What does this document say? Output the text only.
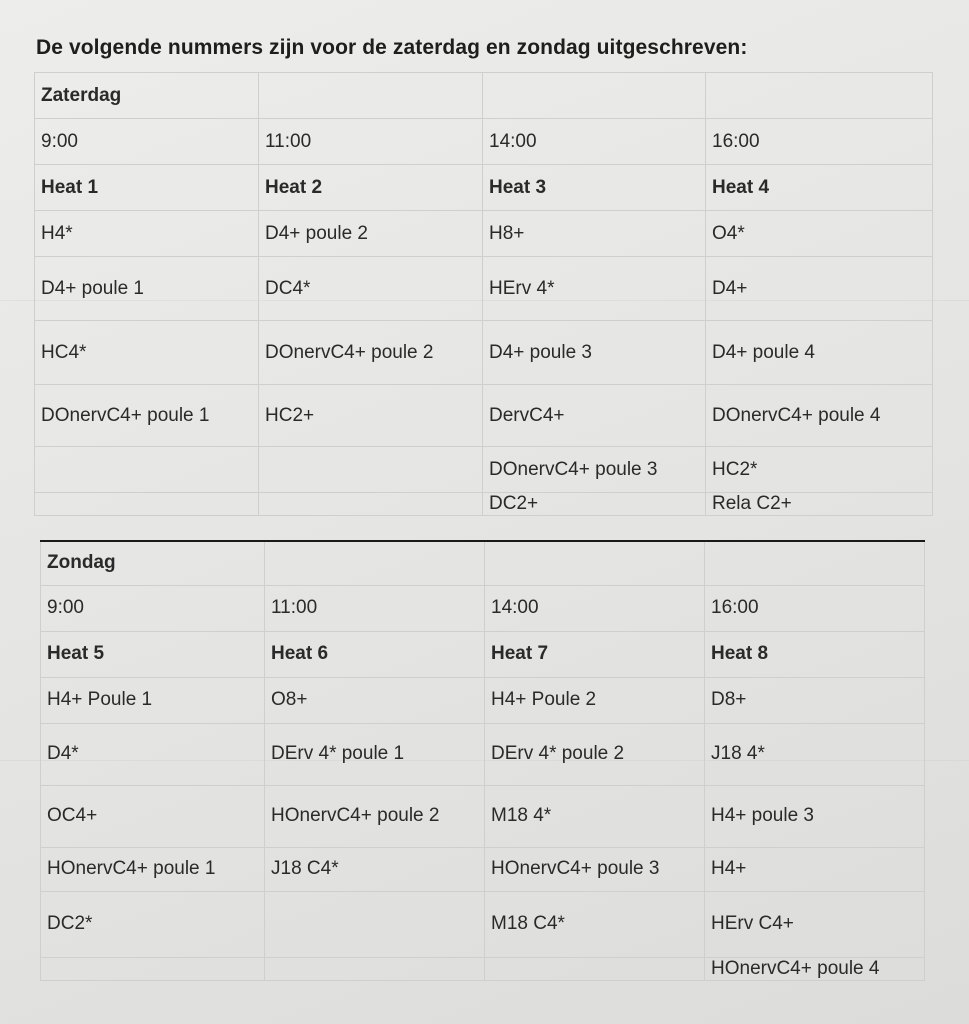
De volgende nummers zijn voor de zaterdag en zondag uitgeschreven:
Zaterdag			
9:00	11:00	14:00	16:00
Heat 1	Heat 2	Heat 3	Heat 4
H4*	D4+ poule 2	H8+	O4*
D4+ poule 1	DC4*	HErv 4*	D4+
HC4*	DOnervC4+ poule 2	D4+ poule 3	D4+ poule 4
DOnervC4+ poule 1	HC2+	DervC4+	DOnervC4+ poule 4
		DOnervC4+ poule 3	HC2*
		DC2+	Rela C2+
Zondag			
9:00	11:00	14:00	16:00
Heat 5	Heat 6	Heat 7	Heat 8
H4+ Poule 1	O8+	H4+ Poule 2	D8+
D4*	DErv 4* poule 1	DErv 4* poule 2	J18 4*
OC4+	HOnervC4+ poule 2	M18 4*	H4+ poule 3
HOnervC4+ poule 1	J18 C4*	HOnervC4+ poule 3	H4+
DC2*		M18 C4*	HErv C4+
			HOnervC4+ poule 4
